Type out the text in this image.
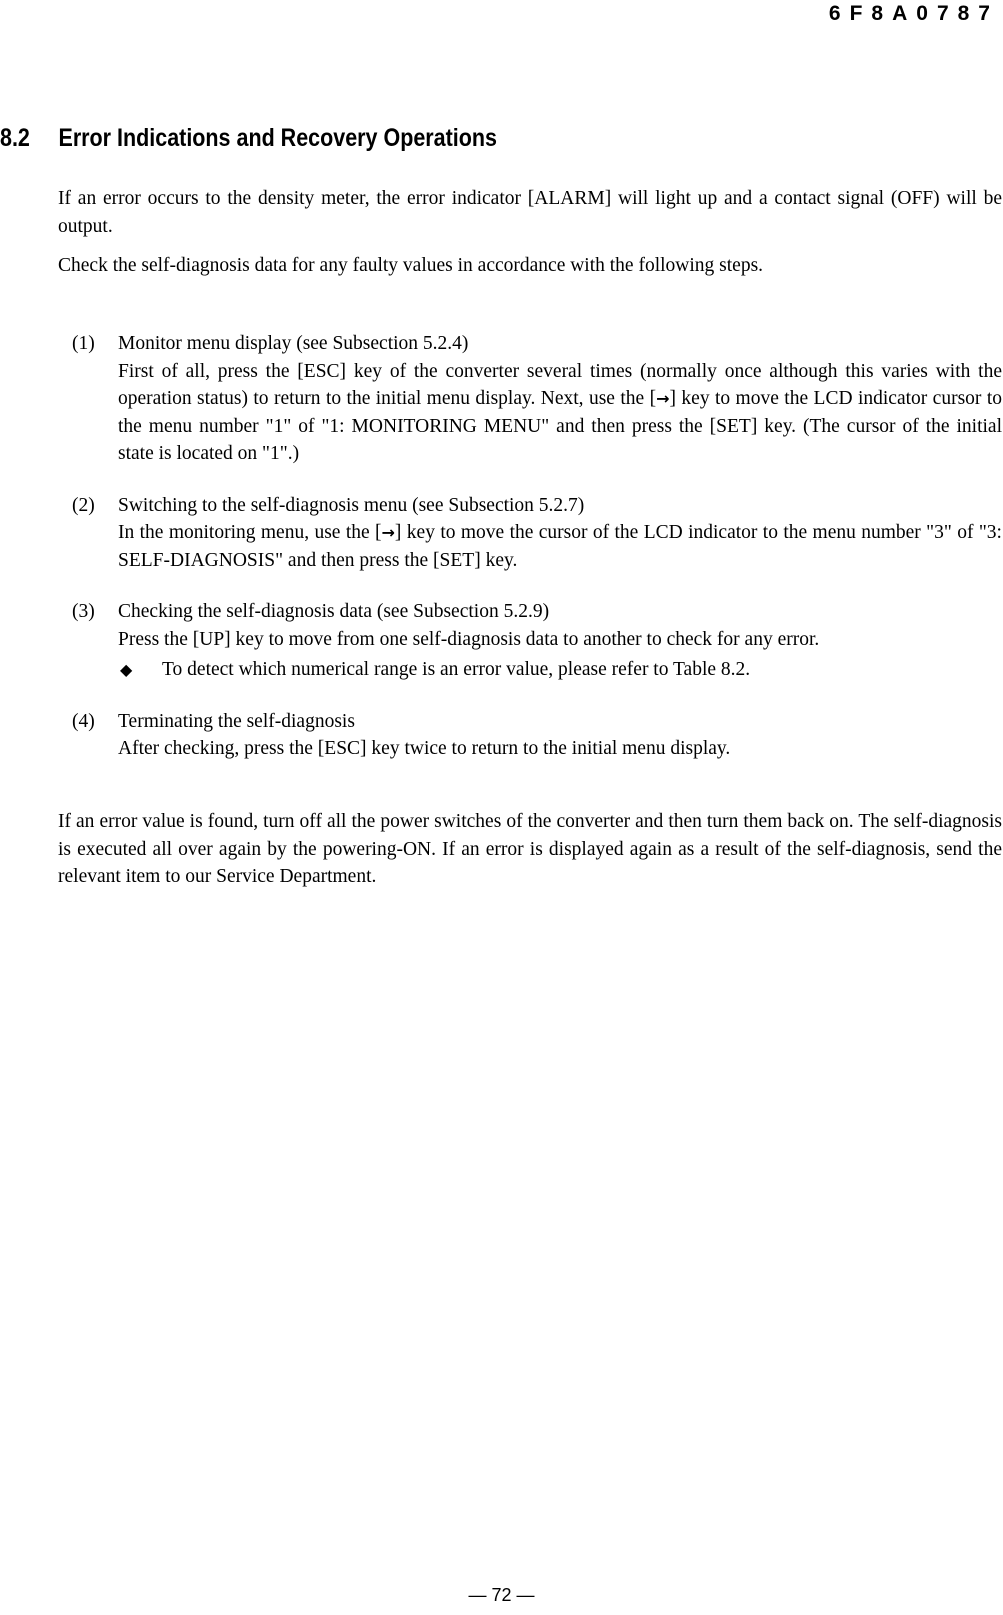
6F8A0787
8.2 Error Indications and Recovery Operations
If an error occurs to the density meter, the error indicator [ALARM] will light up and a contact signal (OFF) will be output.
Check the self-diagnosis data for any faulty values in accordance with the following steps.
(1) Monitor menu display (see Subsection 5.2.4)
First of all, press the [ESC] key of the converter several times (normally once although this varies with the operation status) to return to the initial menu display. Next, use the [→] key to move the LCD indicator cursor to the menu number "1" of "1: MONITORING MENU" and then press the [SET] key. (The cursor of the initial state is located on "1".)
(2) Switching to the self-diagnosis menu (see Subsection 5.2.7)
In the monitoring menu, use the [→] key to move the cursor of the LCD indicator to the menu number "3" of "3: SELF-DIAGNOSIS" and then press the [SET] key.
(3) Checking the self-diagnosis data (see Subsection 5.2.9)
Press the [UP] key to move from one self-diagnosis data to another to check for any error.
◆ To detect which numerical range is an error value, please refer to Table 8.2.
(4) Terminating the self-diagnosis
After checking, press the [ESC] key twice to return to the initial menu display.
If an error value is found, turn off all the power switches of the converter and then turn them back on. The self-diagnosis is executed all over again by the powering-ON. If an error is displayed again as a result of the self-diagnosis, send the relevant item to our Service Department.
— 72 —
